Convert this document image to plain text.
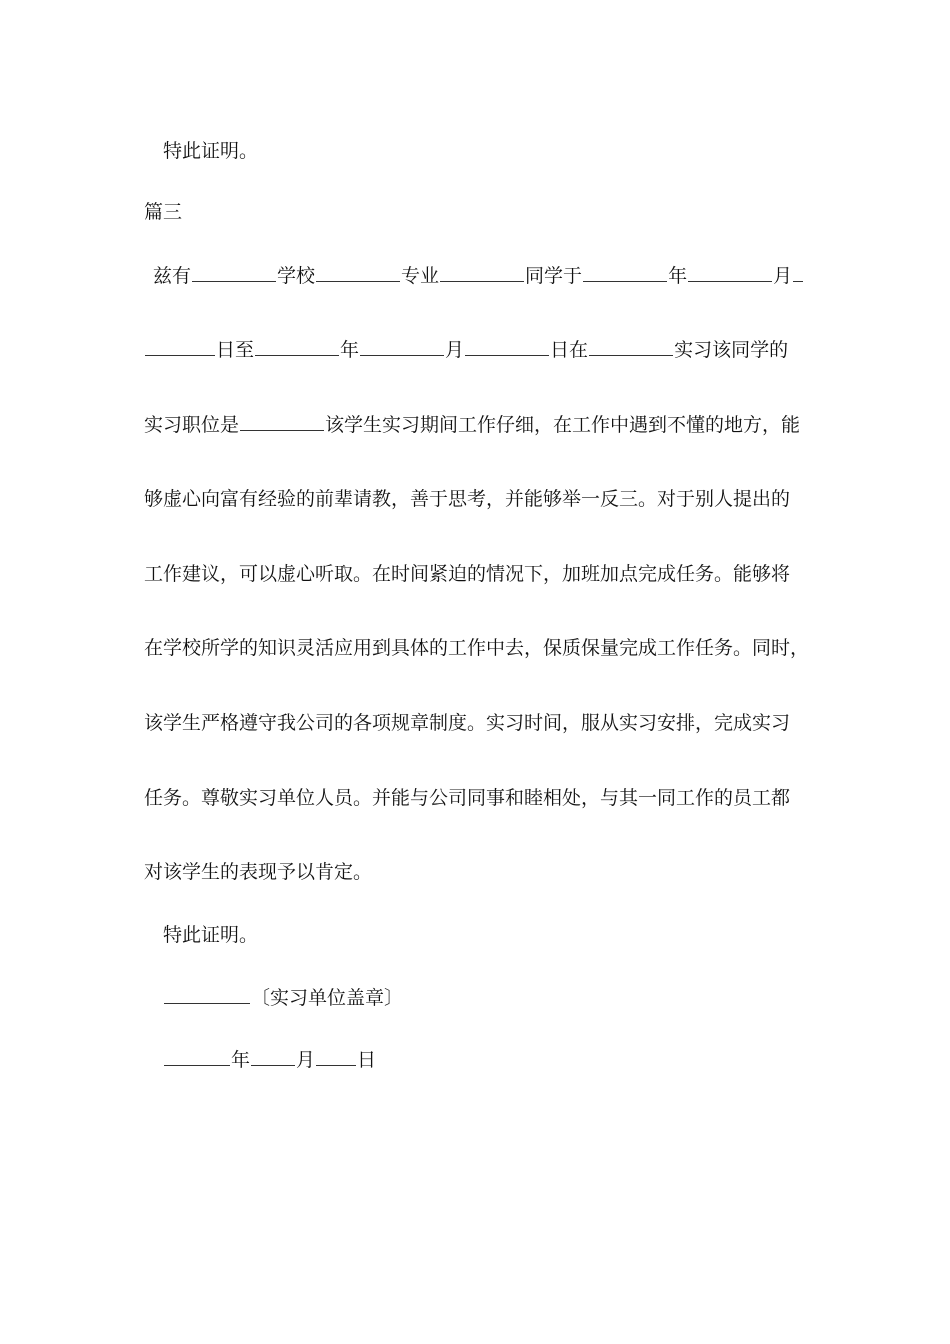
特此证明。
篇三
兹有	学校	专业	同学于	年	月
日至	年	月	日在	实习该同学的
实习职位是	该学生实习期间工作仔细，在工作中遇到不懂的地方，能
够虚心向富有经验的前辈请教，善于思考，并能够举一反三。对于别人提出的
工作建议，可以虚心听取。在时间紧迫的情况下，加班加点完成任务。能够将
在学校所学的知识灵活应用到具体的工作中去，保质保量完成工作任务。同时，
该学生严格遵守我公司的各项规章制度。实习时间，服从实习安排，完成实习
任务。尊敬实习单位人员。并能与公司同事和睦相处，与其一同工作的员工都
对该学生的表现予以肯定。
特此证明。
〔实习单位盖章〕
年 月 日
